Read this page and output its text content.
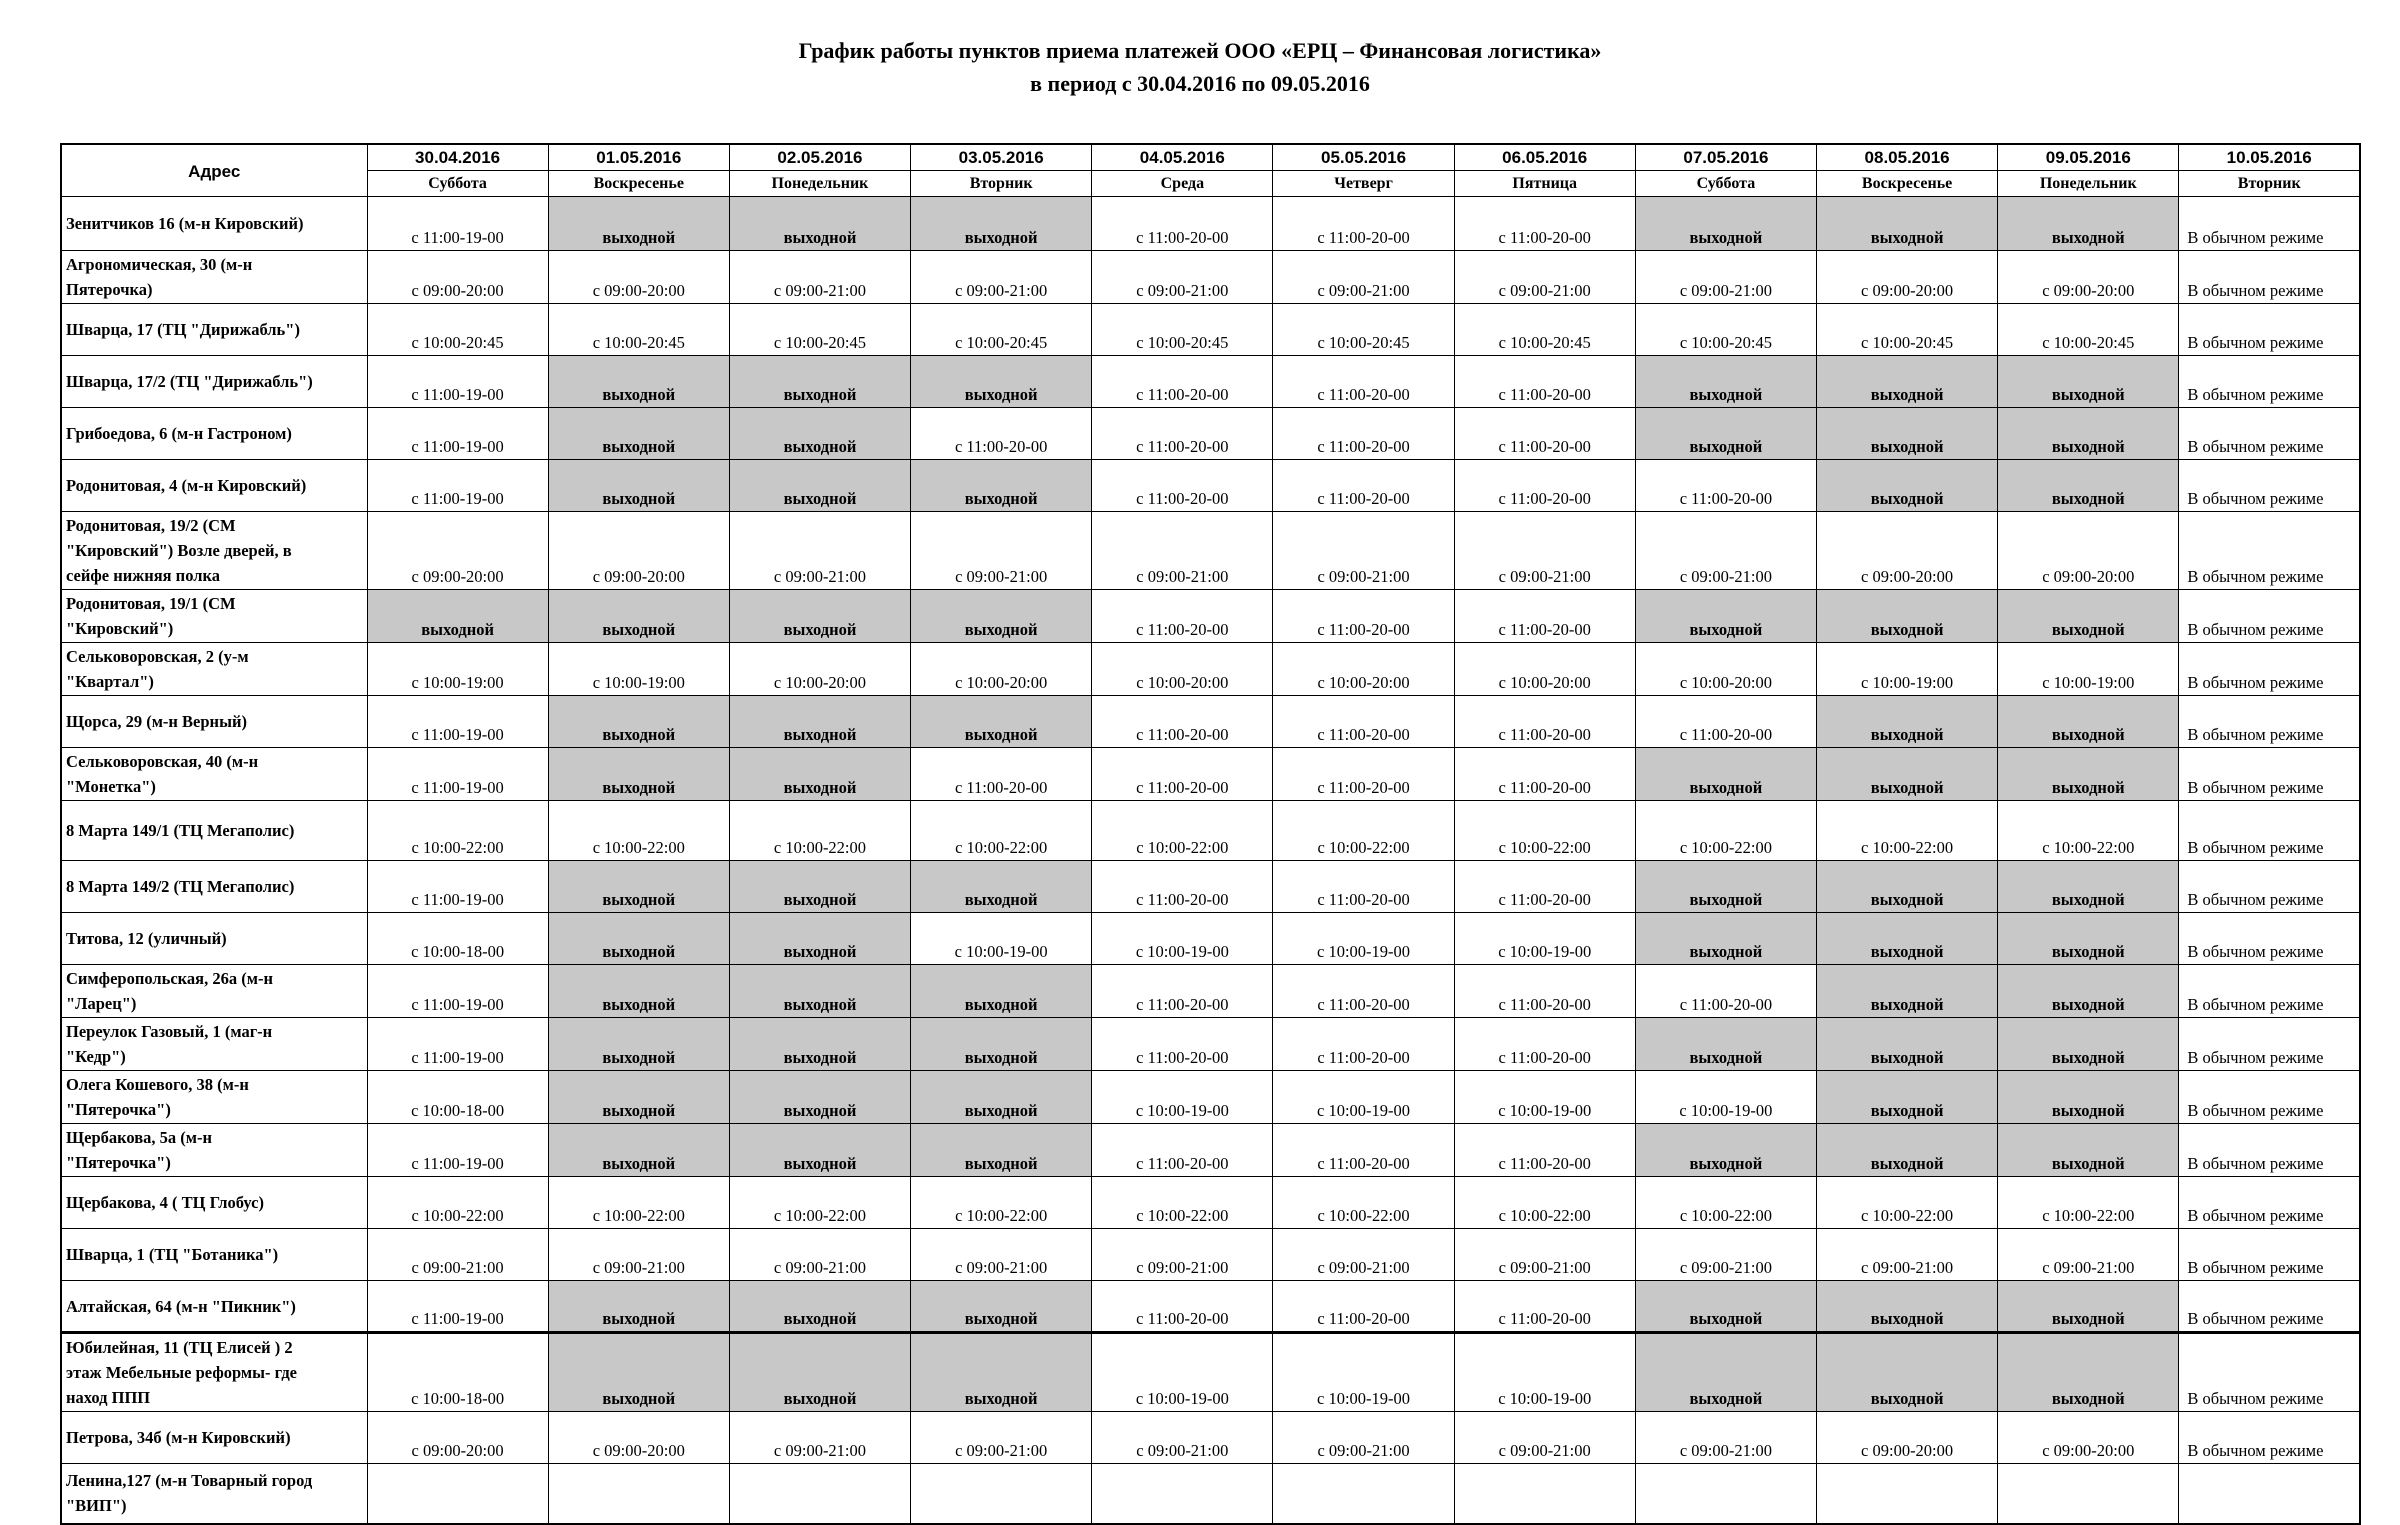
График работы пунктов приема платежей ООО «ЕРЦ – Финансовая логистика»
в период с 30.04.2016 по 09.05.2016
Адрес	30.04.2016	01.05.2016	02.05.2016	03.05.2016	04.05.2016	05.05.2016	06.05.2016	07.05.2016	08.05.2016	09.05.2016	10.05.2016
	Суббота	Воскресенье	Понедельник	Вторник	Среда	Четверг	Пятница	Суббота	Воскресенье	Понедельник	Вторник
Зенитчиков 16 (м-н Кировский)	с 11:00-19-00	выходной	выходной	выходной	с 11:00-20-00	с 11:00-20-00	с 11:00-20-00	выходной	выходной	выходной	В обычном режиме
Агрономическая, 30 (м-н
Пятерочка)	с 09:00-20:00	с 09:00-20:00	с 09:00-21:00	с 09:00-21:00	с 09:00-21:00	с 09:00-21:00	с 09:00-21:00	с 09:00-21:00	с 09:00-20:00	с 09:00-20:00	В обычном режиме
Шварца, 17 (ТЦ "Дирижабль")	с 10:00-20:45	с 10:00-20:45	с 10:00-20:45	с 10:00-20:45	с 10:00-20:45	с 10:00-20:45	с 10:00-20:45	с 10:00-20:45	с 10:00-20:45	с 10:00-20:45	В обычном режиме
Шварца, 17/2 (ТЦ "Дирижабль")	с 11:00-19-00	выходной	выходной	выходной	с 11:00-20-00	с 11:00-20-00	с 11:00-20-00	выходной	выходной	выходной	В обычном режиме
Грибоедова, 6 (м-н Гастроном)	с 11:00-19-00	выходной	выходной	с 11:00-20-00	с 11:00-20-00	с 11:00-20-00	с 11:00-20-00	выходной	выходной	выходной	В обычном режиме
Родонитовая, 4 (м-н Кировский)	с 11:00-19-00	выходной	выходной	выходной	с 11:00-20-00	с 11:00-20-00	с 11:00-20-00	с 11:00-20-00	выходной	выходной	В обычном режиме
Родонитовая, 19/2 (СМ
"Кировский") Возле дверей, в
сейфе нижняя полка	с 09:00-20:00	с 09:00-20:00	с 09:00-21:00	с 09:00-21:00	с 09:00-21:00	с 09:00-21:00	с 09:00-21:00	с 09:00-21:00	с 09:00-20:00	с 09:00-20:00	В обычном режиме
Родонитовая, 19/1 (СМ
"Кировский")	выходной	выходной	выходной	выходной	с 11:00-20-00	с 11:00-20-00	с 11:00-20-00	выходной	выходной	выходной	В обычном режиме
Сельковоровская, 2 (у-м
"Квартал")	с 10:00-19:00	с 10:00-19:00	с 10:00-20:00	с 10:00-20:00	с 10:00-20:00	с 10:00-20:00	с 10:00-20:00	с 10:00-20:00	с 10:00-19:00	с 10:00-19:00	В обычном режиме
Щорса, 29 (м-н Верный)	с 11:00-19-00	выходной	выходной	выходной	с 11:00-20-00	с 11:00-20-00	с 11:00-20-00	с 11:00-20-00	выходной	выходной	В обычном режиме
Сельковоровская, 40 (м-н
"Монетка")	с 11:00-19-00	выходной	выходной	с 11:00-20-00	с 11:00-20-00	с 11:00-20-00	с 11:00-20-00	выходной	выходной	выходной	В обычном режиме
8 Марта 149/1 (ТЦ Мегаполис)	с 10:00-22:00	с 10:00-22:00	с 10:00-22:00	с 10:00-22:00	с 10:00-22:00	с 10:00-22:00	с 10:00-22:00	с 10:00-22:00	с 10:00-22:00	с 10:00-22:00	В обычном режиме
8 Марта 149/2 (ТЦ Мегаполис)	с 11:00-19-00	выходной	выходной	выходной	с 11:00-20-00	с 11:00-20-00	с 11:00-20-00	выходной	выходной	выходной	В обычном режиме
Титова, 12 (уличный)	с 10:00-18-00	выходной	выходной	с 10:00-19-00	с 10:00-19-00	с 10:00-19-00	с 10:00-19-00	выходной	выходной	выходной	В обычном режиме
Симферопольская, 26а (м-н
"Ларец")	с 11:00-19-00	выходной	выходной	выходной	с 11:00-20-00	с 11:00-20-00	с 11:00-20-00	с 11:00-20-00	выходной	выходной	В обычном режиме
Переулок Газовый, 1 (маг-н
"Кедр")	с 11:00-19-00	выходной	выходной	выходной	с 11:00-20-00	с 11:00-20-00	с 11:00-20-00	выходной	выходной	выходной	В обычном режиме
Олега Кошевого, 38 (м-н
"Пятерочка")	с 10:00-18-00	выходной	выходной	выходной	с 10:00-19-00	с 10:00-19-00	с 10:00-19-00	с 10:00-19-00	выходной	выходной	В обычном режиме
Щербакова, 5а (м-н
"Пятерочка")	с 11:00-19-00	выходной	выходной	выходной	с 11:00-20-00	с 11:00-20-00	с 11:00-20-00	выходной	выходной	выходной	В обычном режиме
Щербакова, 4 ( ТЦ Глобус)	с 10:00-22:00	с 10:00-22:00	с 10:00-22:00	с 10:00-22:00	с 10:00-22:00	с 10:00-22:00	с 10:00-22:00	с 10:00-22:00	с 10:00-22:00	с 10:00-22:00	В обычном режиме
Шварца, 1 (ТЦ "Ботаника")	с 09:00-21:00	с 09:00-21:00	с 09:00-21:00	с 09:00-21:00	с 09:00-21:00	с 09:00-21:00	с 09:00-21:00	с 09:00-21:00	с 09:00-21:00	с 09:00-21:00	В обычном режиме
Алтайская, 64 (м-н "Пикник")	с 11:00-19-00	выходной	выходной	выходной	с 11:00-20-00	с 11:00-20-00	с 11:00-20-00	выходной	выходной	выходной	В обычном режиме
Юбилейная, 11 (ТЦ Елисей ) 2
этаж Мебельные реформы- где
наход ППП	с 10:00-18-00	выходной	выходной	выходной	с 10:00-19-00	с 10:00-19-00	с 10:00-19-00	выходной	выходной	выходной	В обычном режиме
Петрова, 34б (м-н Кировский)	с 09:00-20:00	с 09:00-20:00	с 09:00-21:00	с 09:00-21:00	с 09:00-21:00	с 09:00-21:00	с 09:00-21:00	с 09:00-21:00	с 09:00-20:00	с 09:00-20:00	В обычном режиме
Ленина,127 (м-н Товарный город
"ВИП")											
